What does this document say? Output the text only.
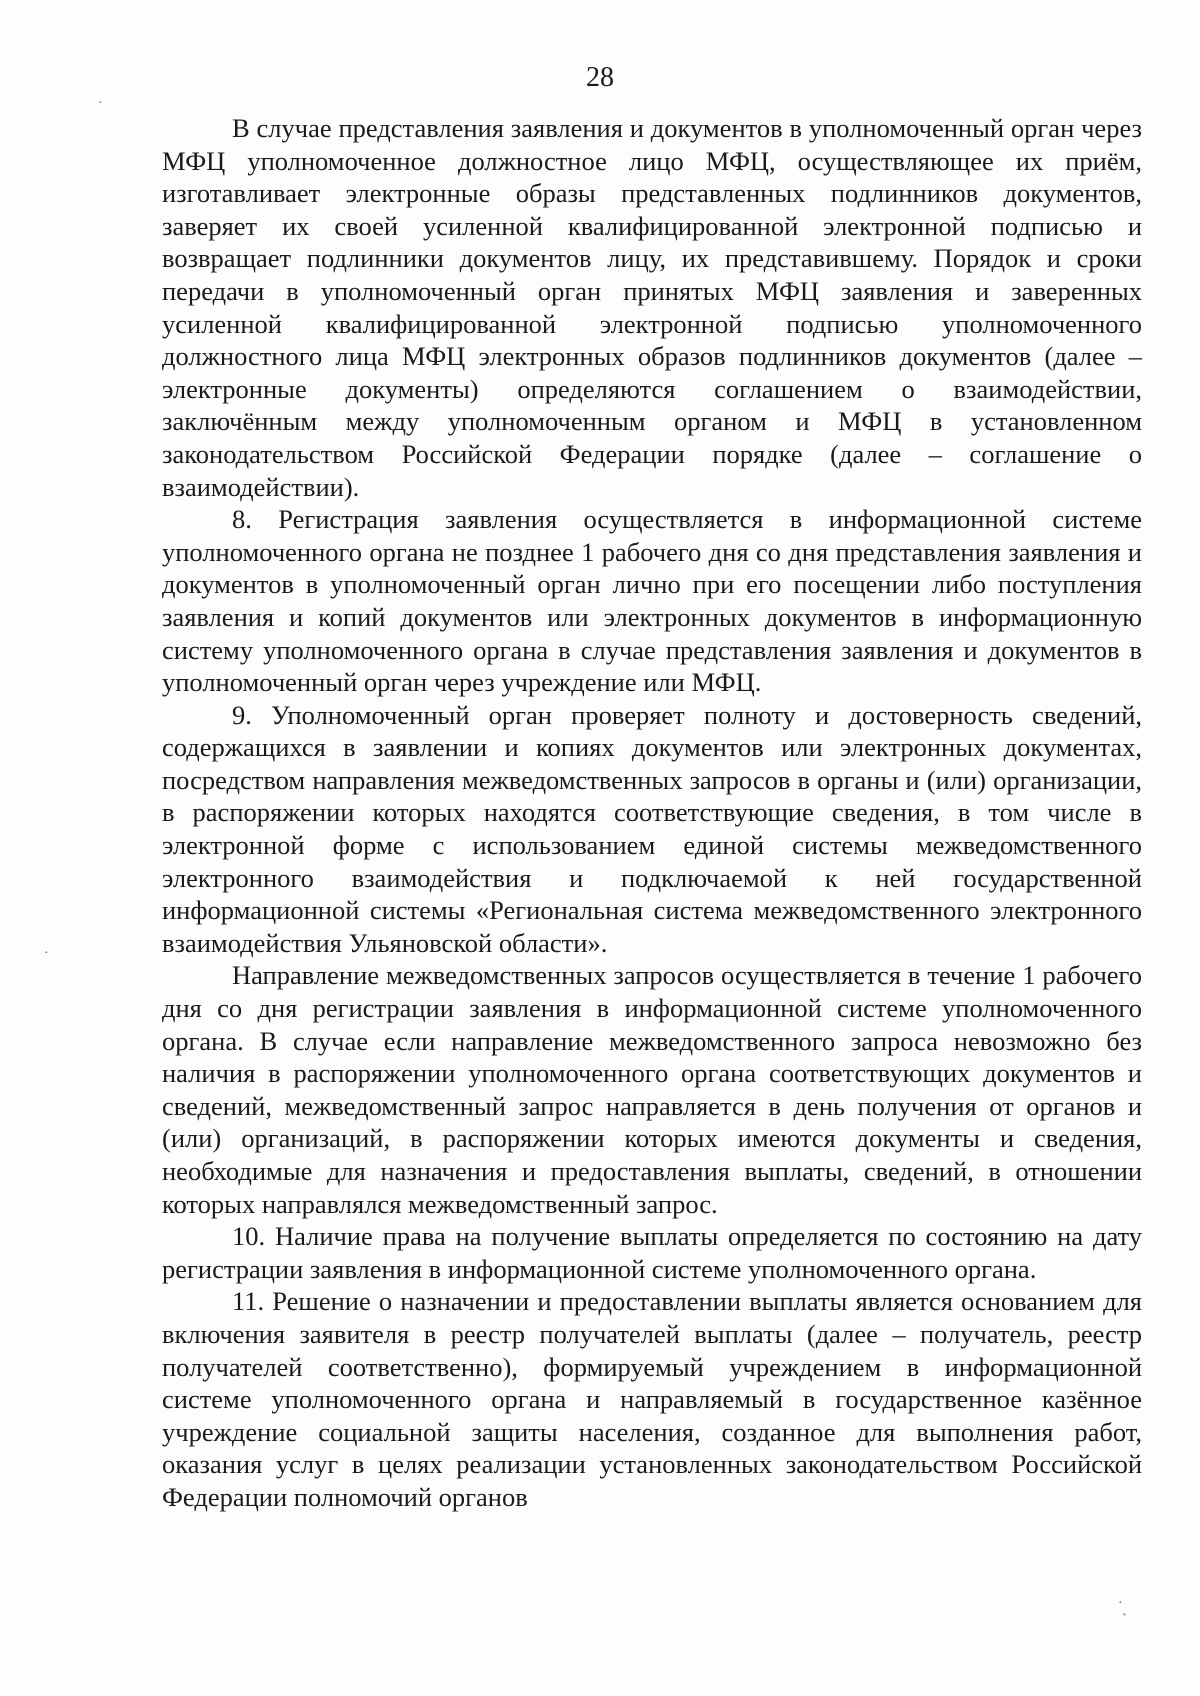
28

В случае представления заявления и документов в уполномоченный орган через МФЦ уполномоченное должностное лицо МФЦ, осуществляющее их приём, изготавливает электронные образы представленных подлинников документов, заверяет их своей усиленной квалифицированной электронной подписью и возвращает подлинники документов лицу, их представившему. Порядок и сроки передачи в уполномоченный орган принятых МФЦ заявления и заверенных усиленной квалифицированной электронной подписью уполномоченного должностного лица МФЦ электронных образов подлинников документов (далее – электронные документы) определяются соглашением о взаимодействии, заключённым между уполномоченным органом и МФЦ в установленном законодательством Российской Федерации порядке (далее – соглашение о взаимодействии).

8. Регистрация заявления осуществляется в информационной системе уполномоченного органа не позднее 1 рабочего дня со дня представления заявления и документов в уполномоченный орган лично при его посещении либо поступления заявления и копий документов или электронных документов в информационную систему уполномоченного органа в случае представления заявления и документов в уполномоченный орган через учреждение или МФЦ.

9. Уполномоченный орган проверяет полноту и достоверность сведений, содержащихся в заявлении и копиях документов или электронных документах, посредством направления межведомственных запросов в органы и (или) организации, в распоряжении которых находятся соответствующие сведения, в том числе в электронной форме с использованием единой системы межведомственного электронного взаимодействия и подключаемой к ней государственной информационной системы «Региональная система межведомственного электронного взаимодействия Ульяновской области».

Направление межведомственных запросов осуществляется в течение 1 рабочего дня со дня регистрации заявления в информационной системе уполномоченного органа. В случае если направление межведомственного запроса невозможно без наличия в распоряжении уполномоченного органа соответствующих документов и сведений, межведомственный запрос направляется в день получения от органов и (или) организаций, в распоряжении которых имеются документы и сведения, необходимые для назначения и предоставления выплаты, сведений, в отношении которых направлялся межведомственный запрос.

10. Наличие права на получение выплаты определяется по состоянию на дату регистрации заявления в информационной системе уполномоченного органа.

11. Решение о назначении и предоставлении выплаты является основанием для включения заявителя в реестр получателей выплаты (далее – получатель, реестр получателей соответственно), формируемый учреждением в информационной системе уполномоченного органа и направляемый в государственное казённое учреждение социальной защиты населения, созданное для выполнения работ, оказания услуг в целях реализации установленных законодательством Российской Федерации полномочий органов

·
·
·
`
